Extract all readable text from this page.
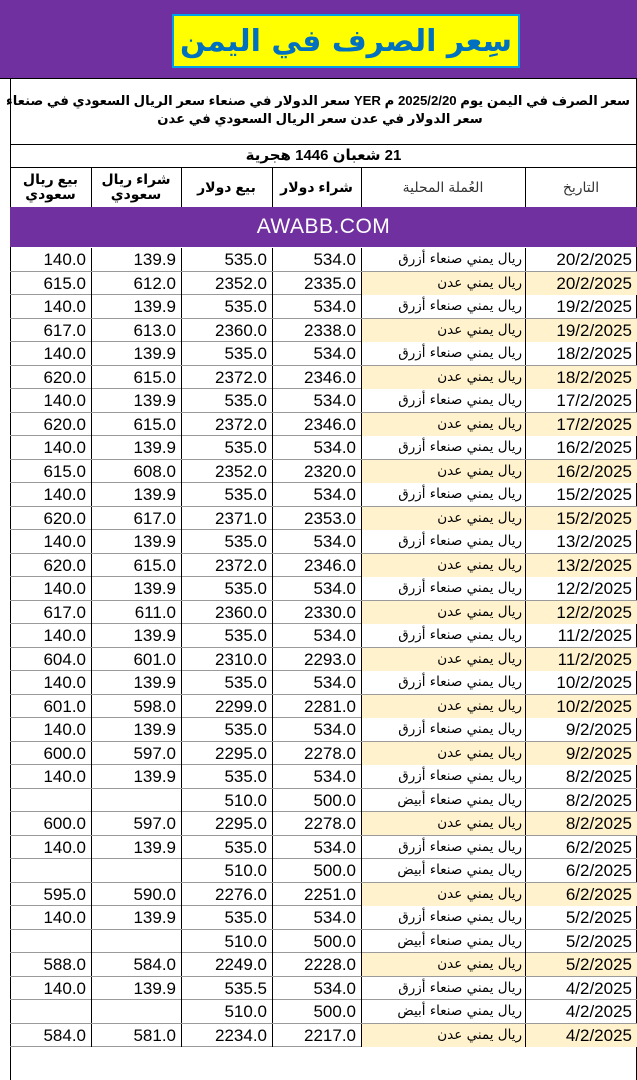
سِعر الصرف في اليمن
سعر الصرف في اليمن يوم 2025/2/20 م YER سعر الدولار في صنعاء سعر الريال السعودي في صنعاء
سعر الدولار في عدن سعر الريال السعودي في عدن
21 شعبان 1446 هجرية
التاريخ
العُملة المحلية
شراء دولار
بيع دولار
شراء ريال سعودي
بيع ريال سعودي
AWABB.COM
20/2/2025
ريال يمني صنعاء أزرق
534.0
535.0
139.9
140.0
20/2/2025
ريال يمني عدن
2335.0
2352.0
612.0
615.0
19/2/2025
ريال يمني صنعاء أزرق
534.0
535.0
139.9
140.0
19/2/2025
ريال يمني عدن
2338.0
2360.0
613.0
617.0
18/2/2025
ريال يمني صنعاء أزرق
534.0
535.0
139.9
140.0
18/2/2025
ريال يمني عدن
2346.0
2372.0
615.0
620.0
17/2/2025
ريال يمني صنعاء أزرق
534.0
535.0
139.9
140.0
17/2/2025
ريال يمني عدن
2346.0
2372.0
615.0
620.0
16/2/2025
ريال يمني صنعاء أزرق
534.0
535.0
139.9
140.0
16/2/2025
ريال يمني عدن
2320.0
2352.0
608.0
615.0
15/2/2025
ريال يمني صنعاء أزرق
534.0
535.0
139.9
140.0
15/2/2025
ريال يمني عدن
2353.0
2371.0
617.0
620.0
13/2/2025
ريال يمني صنعاء أزرق
534.0
535.0
139.9
140.0
13/2/2025
ريال يمني عدن
2346.0
2372.0
615.0
620.0
12/2/2025
ريال يمني صنعاء أزرق
534.0
535.0
139.9
140.0
12/2/2025
ريال يمني عدن
2330.0
2360.0
611.0
617.0
11/2/2025
ريال يمني صنعاء أزرق
534.0
535.0
139.9
140.0
11/2/2025
ريال يمني عدن
2293.0
2310.0
601.0
604.0
10/2/2025
ريال يمني صنعاء أزرق
534.0
535.0
139.9
140.0
10/2/2025
ريال يمني عدن
2281.0
2299.0
598.0
601.0
9/2/2025
ريال يمني صنعاء أزرق
534.0
535.0
139.9
140.0
9/2/2025
ريال يمني عدن
2278.0
2295.0
597.0
600.0
8/2/2025
ريال يمني صنعاء أزرق
534.0
535.0
139.9
140.0
8/2/2025
ريال يمني صنعاء أبيض
500.0
510.0
8/2/2025
ريال يمني عدن
2278.0
2295.0
597.0
600.0
6/2/2025
ريال يمني صنعاء أزرق
534.0
535.0
139.9
140.0
6/2/2025
ريال يمني صنعاء أبيض
500.0
510.0
6/2/2025
ريال يمني عدن
2251.0
2276.0
590.0
595.0
5/2/2025
ريال يمني صنعاء أزرق
534.0
535.0
139.9
140.0
5/2/2025
ريال يمني صنعاء أبيض
500.0
510.0
5/2/2025
ريال يمني عدن
2228.0
2249.0
584.0
588.0
4/2/2025
ريال يمني صنعاء أزرق
534.0
535.5
139.9
140.0
4/2/2025
ريال يمني صنعاء أبيض
500.0
510.0
4/2/2025
ريال يمني عدن
2217.0
2234.0
581.0
584.0
